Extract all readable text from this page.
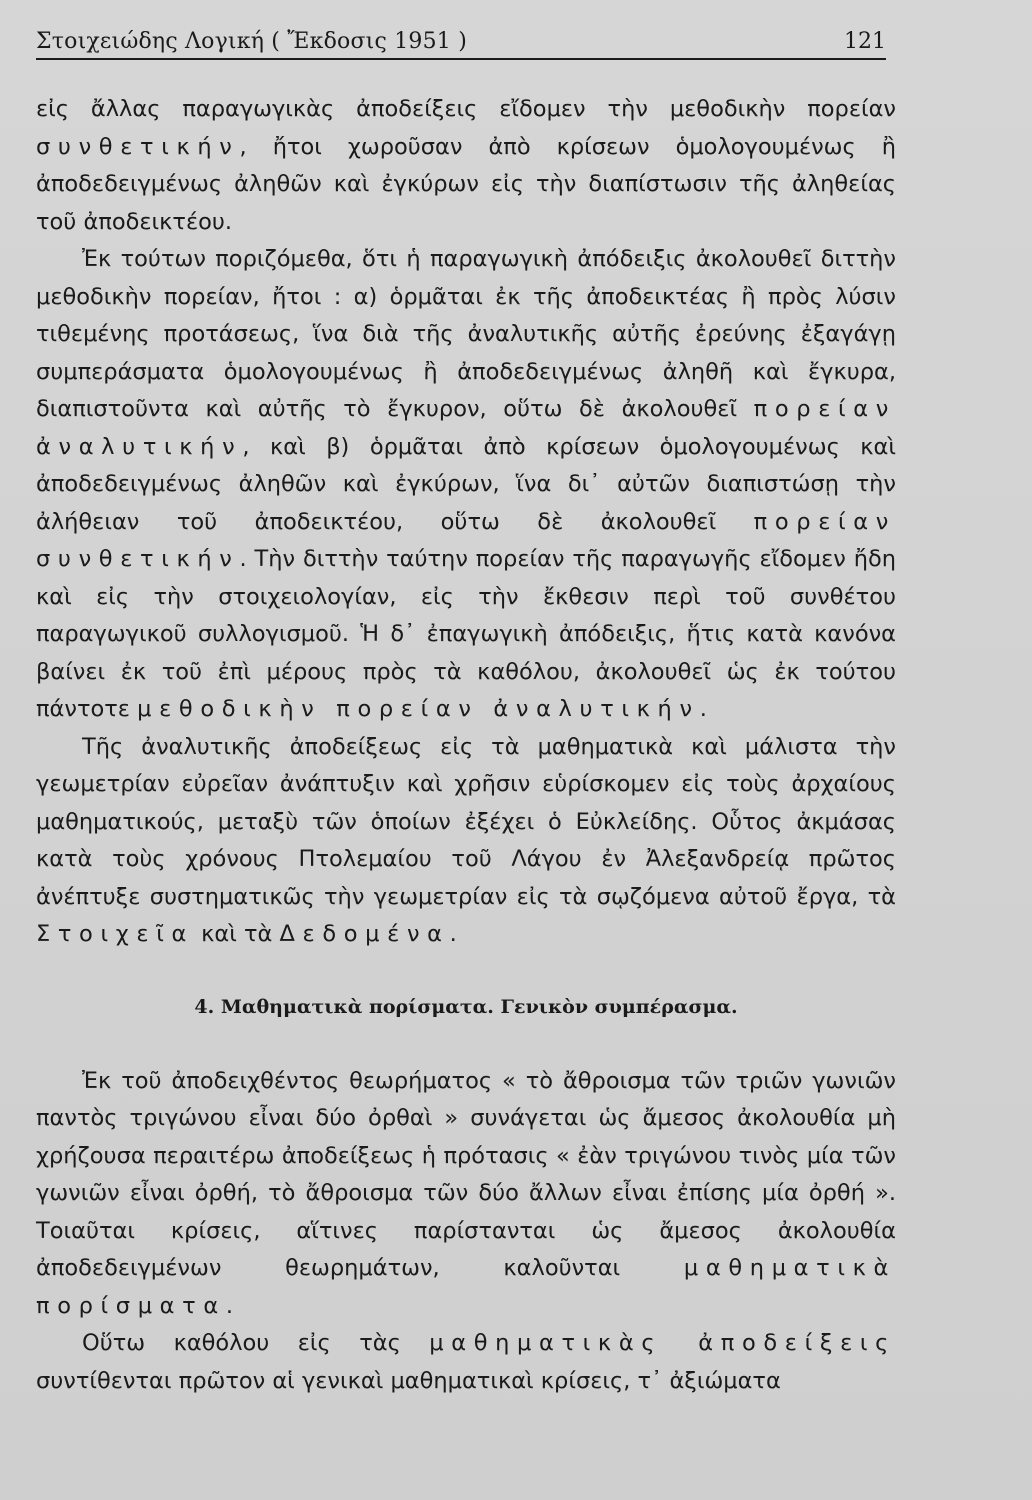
Στοιχειώδης Λογική ( Ἔκδοσις 1951 )	121

εἰς ἄλλας παραγωγικὰς ἀποδείξεις εἴδομεν τὴν μεθοδικὴν πορείαν συνθετικήν, ἤτοι χωροῦσαν ἀπὸ κρίσεων ὁμολογουμένως ἢ ἀποδεδειγμένως ἀληθῶν καὶ ἐγκύρων εἰς τὴν διαπίστωσιν τῆς ἀληθείας τοῦ ἀποδεικτέου.

Ἐκ τούτων ποριζόμεθα, ὅτι ἡ παραγωγικὴ ἀπόδειξις ἀκολουθεῖ διττὴν μεθοδικὴν πορείαν, ἤτοι : α) ὁρμᾶται ἐκ τῆς ἀποδεικτέας ἢ πρὸς λύσιν τιθεμένης προτάσεως, ἵνα διὰ τῆς ἀναλυτικῆς αὐτῆς ἐρεύνης ἐξαγάγῃ συμπεράσματα ὁμολογουμένως ἢ ἀποδεδειγμένως ἀληθῆ καὶ ἔγκυρα, διαπιστοῦντα καὶ αὐτῆς τὸ ἔγκυρον, οὕτω δὲ ἀκολουθεῖ πορείαν ἀναλυτικήν, καὶ β) ὁρμᾶται ἀπὸ κρίσεων ὁμολογουμένως καὶ ἀποδεδειγμένως ἀληθῶν καὶ ἐγκύρων, ἵνα δι᾿ αὐτῶν διαπιστώσῃ τὴν ἀλήθειαν τοῦ ἀποδεικτέου, οὕτω δὲ ἀκολουθεῖ πορείαν συνθετικήν. Τὴν διττὴν ταύτην πορείαν τῆς παραγωγῆς εἴδομεν ἤδη καὶ εἰς τὴν στοιχειολογίαν, εἰς τὴν ἔκθεσιν περὶ τοῦ συνθέτου παραγωγικοῦ συλλογισμοῦ. Ἡ δ᾿ ἐπαγωγικὴ ἀπόδειξις, ἥτις κατὰ κανόνα βαίνει ἐκ τοῦ ἐπὶ μέρους πρὸς τὰ καθόλου, ἀκολουθεῖ ὡς ἐκ τούτου πάντοτε μεθοδικὴν πορείαν ἀναλυτικήν.

Τῆς ἀναλυτικῆς ἀποδείξεως εἰς τὰ μαθηματικὰ καὶ μάλιστα τὴν γεωμετρίαν εὐρεῖαν ἀνάπτυξιν καὶ χρῆσιν εὑρίσκομεν εἰς τοὺς ἀρχαίους μαθηματικούς, μεταξὺ τῶν ὁποίων ἐξέχει ὁ Εὐκλείδης. Οὗτος ἀκμάσας κατὰ τοὺς χρόνους Πτολεμαίου τοῦ Λάγου ἐν Ἀλεξανδρείᾳ πρῶτος ἀνέπτυξε συστηματικῶς τὴν γεωμετρίαν εἰς τὰ σῳζόμενα αὐτοῦ ἔργα, τὰ Στοιχεῖα καὶ τὰ Δεδομένα.

4. Μαθηματικὰ πορίσματα. Γενικὸν συμπέρασμα.

Ἐκ τοῦ ἀποδειχθέντος θεωρήματος « τὸ ἄθροισμα τῶν τριῶν γωνιῶν παντὸς τριγώνου εἶναι δύο ὀρθαὶ » συνάγεται ὡς ἄμεσος ἀκολουθία μὴ χρήζουσα περαιτέρω ἀποδείξεως ἡ πρότασις « ἐὰν τριγώνου τινὸς μία τῶν γωνιῶν εἶναι ὀρθή, τὸ ἄθροισμα τῶν δύο ἄλλων εἶναι ἐπίσης μία ὀρθή ». Τοιαῦται κρίσεις, αἵτινες παρίστανται ὡς ἄμεσος ἀκολουθία ἀποδεδειγμένων θεωρημάτων, καλοῦνται μαθηματικὰ πορίσματα.

Οὕτω καθόλου εἰς τὰς μαθηματικὰς ἀποδείξεις συντίθενται πρῶτον αἱ γενικαὶ μαθηματικαὶ κρίσεις, τ᾿ ἀξιώματα
